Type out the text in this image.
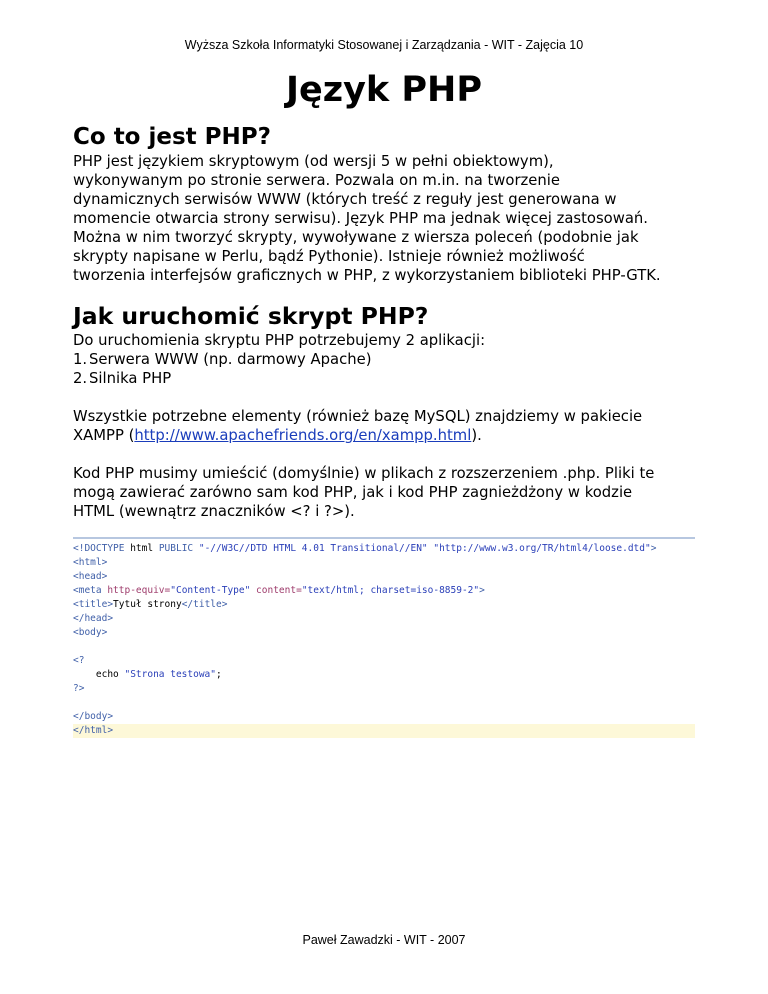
Wyższa Szkoła Informatyki Stosowanej i Zarządzania - WIT - Zajęcia 10
Język PHP
Co to jest PHP?

PHP jest językiem skryptowym (od wersji 5 w pełni obiektowym),

wykonywanym po stronie serwera. Pozwala on m.in. na tworzenie

dynamicznych serwisów WWW (których treść z reguły jest generowana w

momencie otwarcia strony serwisu). Język PHP ma jednak więcej zastosowań.

Można w nim tworzyć skrypty, wywoływane z wiersza poleceń (podobnie jak

skrypty napisane w Perlu, bądź Pythonie). Istnieje również możliwość

tworzenia interfejsów graficznych w PHP, z wykorzystaniem biblioteki PHP-GTK.

Jak uruchomić skrypt PHP?

Do uruchomienia skryptu PHP potrzebujemy 2 aplikacji:

1. Serwera WWW (np. darmowy Apache)
2. Silnika PHP

Wszystkie potrzebne elementy (również bazę MySQL) znajdziemy w pakiecie

XAMPP (http://www.apachefriends.org/en/xampp.html).

Kod PHP musimy umieścić (domyślnie) w plikach z rozszerzeniem .php. Pliki te

mogą zawierać zarówno sam kod PHP, jak i kod PHP zagnieżdżony w kodzie

HTML (wewnątrz znaczników <? i ?>).

<!DOCTYPE html PUBLIC "-//W3C//DTD HTML 4.01 Transitional//EN" "http://www.w3.org/TR/html4/loose.dtd">
<html>
<head>
<meta http-equiv="Content-Type" content="text/html; charset=iso-8859-2">
<title>Tytuł strony</title>
</head>
<body>
<?
echo "Strona testowa";
?>
</body>
</html>
Paweł Zawadzki - WIT - 2007
